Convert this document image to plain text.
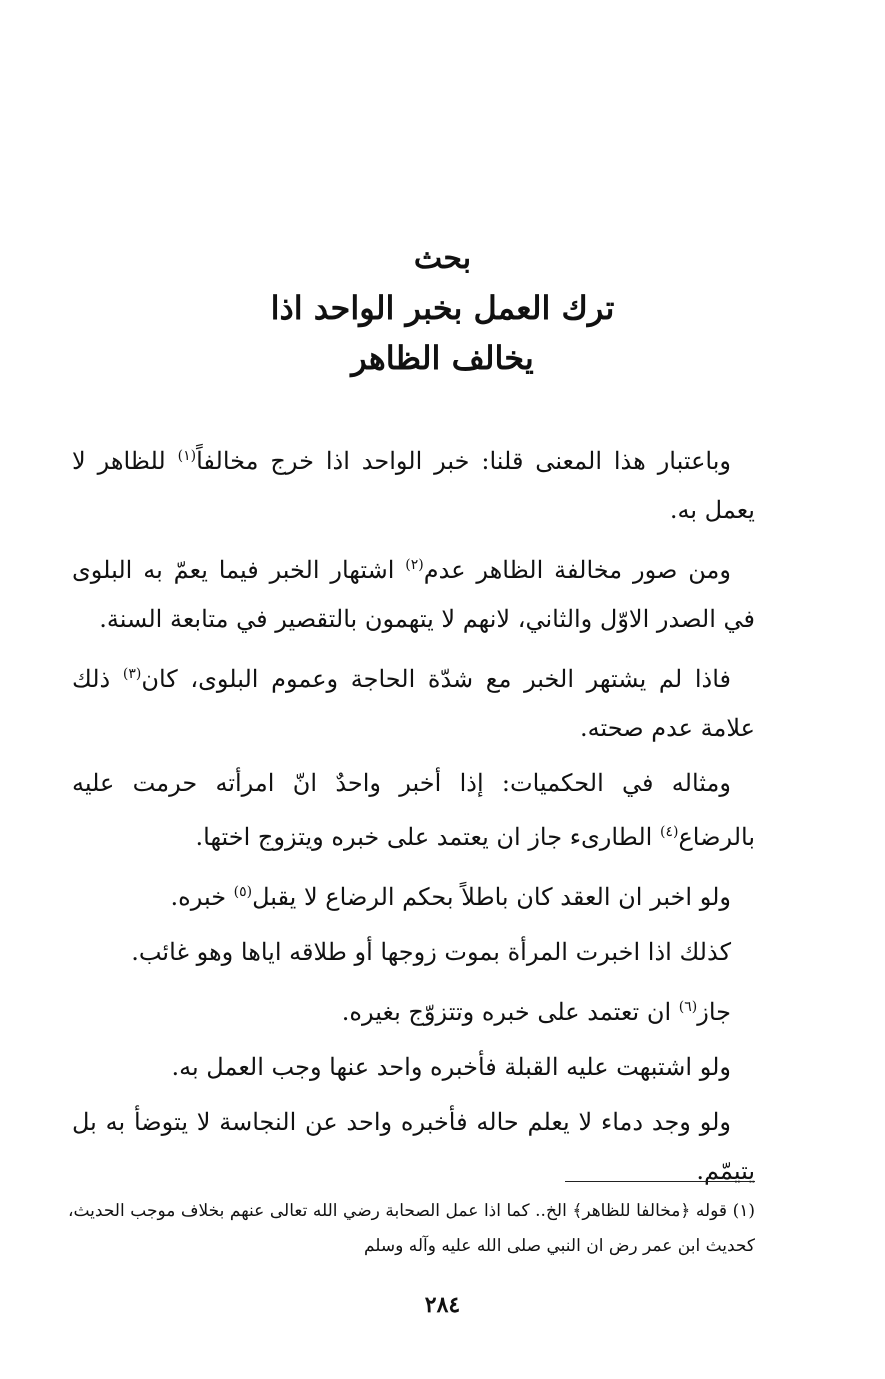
بحث
ترك العمل بخبر الواحد اذا
يخالف الظاهر

وباعتبار هذا المعنى قلنا: خبر الواحد اذا خرج مخالفاً$^{(١)}$ للظاهر لا يعمل به.

ومن صور مخالفة الظاهر عدم$^{(٢)}$ اشتهار الخبر فيما يعمّ به البلوى في الصدر الاوّل والثاني، لانهم لا يتهمون بالتقصير في متابعة السنة.

فاذا لم يشتهر الخبر مع شدّة الحاجة وعموم البلوى، كان$^{(٣)}$ ذلك علامة عدم صحته.

ومثاله في الحكميات: إذا أخبر واحدٌ انّ امرأته حرمت عليه بالرضاع$^{(٤)}$ الطارىء جاز ان يعتمد على خبره ويتزوج اختها.

ولو اخبر ان العقد كان باطلاً بحكم الرضاع لا يقبل$^{(٥)}$ خبره.

كذلك اذا اخبرت المرأة بموت زوجها أو طلاقه اياها وهو غائب.

جاز$^{(٦)}$ ان تعتمد على خبره وتتزوّج بغيره.

ولو اشتبهت عليه القبلة فأخبره واحد عنها وجب العمل به.

ولو وجد دماء لا يعلم حاله فأخبره واحد عن النجاسة لا يتوضأ به بل يتيمّم.

(١) قوله ﴿مخالفا للظاهر﴾ الخ.. كما اذا عمل الصحابة رضي الله تعالى عنهم بخلاف موجب الحديث، كحديث ابن عمر رض ان النبي صلى الله عليه وآله وسلم

٢٨٤
